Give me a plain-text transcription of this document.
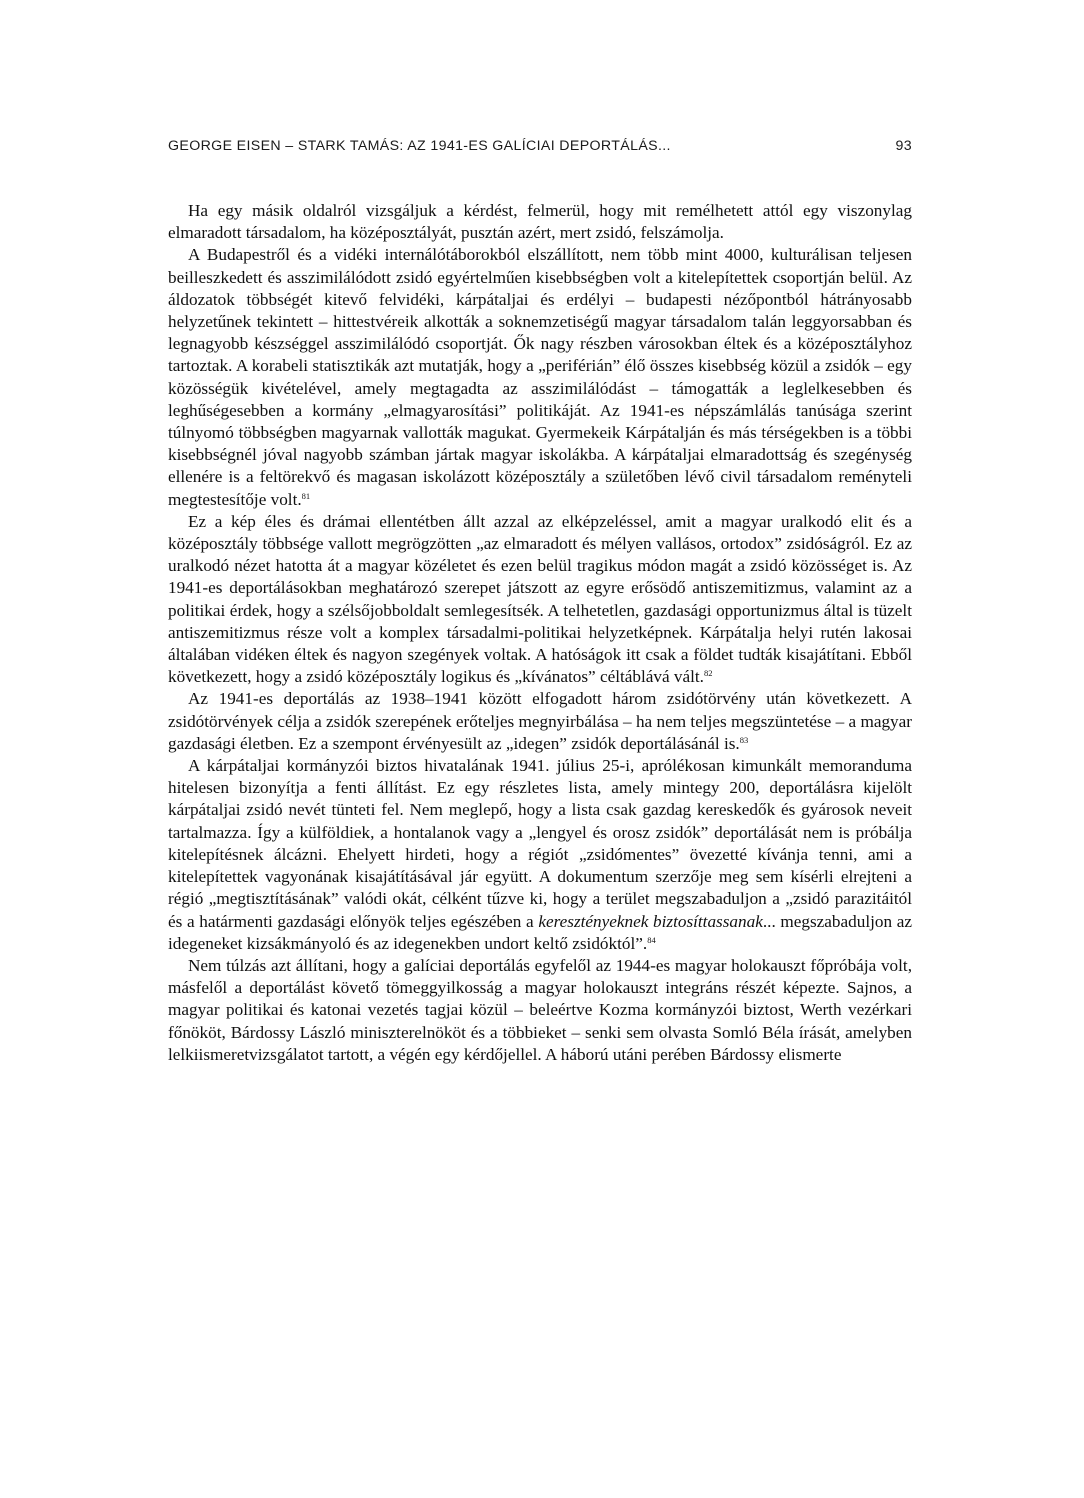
GEORGE EISEN – STARK TAMÁS: AZ 1941-ES GALÍCIAI DEPORTÁLÁS...	93

Ha egy másik oldalról vizsgáljuk a kérdést, felmerül, hogy mit remélhetett attól egy viszonylag elmaradott társadalom, ha középosztályát, pusztán azért, mert zsidó, felszámolja.

A Budapestről és a vidéki internálótáborokból elszállított, nem több mint 4000, kulturálisan teljesen beilleszkedett és asszimilálódott zsidó egyértelműen kisebbségben volt a kitelepítettek csoportján belül. Az áldozatok többségét kitevő felvidéki, kárpátaljai és erdélyi – budapesti nézőpontból hátrányosabb helyzetűnek tekintett – hittestvéreik alkották a soknemzetiségű magyar társadalom talán leggyorsabban és legnagyobb készséggel asszimilálódó csoportját. Ők nagy részben városokban éltek és a középosztályhoz tartoztak. A korabeli statisztikák azt mutatják, hogy a „periférián” élő összes kisebbség közül a zsidók – egy közösségük kivételével, amely megtagadta az asszimilálódást – támogatták a leglelkesebben és leghűségesebben a kormány „elmagyarosítási” politikáját. Az 1941-es népszámlálás tanúsága szerint túlnyomó többségben magyarnak vallották magukat. Gyermekeik Kárpátalján és más térségekben is a többi kisebbségnél jóval nagyobb számban jártak magyar iskolákba. A kárpátaljai elmaradottság és szegénység ellenére is a feltörekvő és magasan iskolázott középosztály a születőben lévő civil társadalom reményteli megtestesítője volt.$^{81}$

Ez a kép éles és drámai ellentétben állt azzal az elképzeléssel, amit a magyar uralkodó elit és a középosztály többsége vallott megrögzötten „az elmaradott és mélyen vallásos, ortodox” zsidóságról. Ez az uralkodó nézet hatotta át a magyar közéletet és ezen belül tragikus módon magát a zsidó közösséget is. Az 1941-es deportálásokban meghatározó szerepet játszott az egyre erősödő antiszemitizmus, valamint az a politikai érdek, hogy a szélsőjobboldalt semlegesítsék. A telhetetlen, gazdasági opportunizmus által is tüzelt antiszemitizmus része volt a komplex társadalmi-politikai helyzetképnek. Kárpátalja helyi rutén lakosai általában vidéken éltek és nagyon szegények voltak. A hatóságok itt csak a földet tudták kisajátítani. Ebből következett, hogy a zsidó középosztály logikus és „kívánatos” céltáblává vált.$^{82}$

Az 1941-es deportálás az 1938–1941 között elfogadott három zsidótörvény után következett. A zsidótörvények célja a zsidók szerepének erőteljes megnyirbálása – ha nem teljes megszüntetése – a magyar gazdasági életben. Ez a szempont érvényesült az „idegen” zsidók deportálásánál is.$^{83}$

A kárpátaljai kormányzói biztos hivatalának 1941. július 25-i, aprólékosan kimunkált memoranduma hitelesen bizonyítja a fenti állítást. Ez egy részletes lista, amely mintegy 200, deportálásra kijelölt kárpátaljai zsidó nevét tünteti fel. Nem meglepő, hogy a lista csak gazdag kereskedők és gyárosok neveit tartalmazza. Így a külföldiek, a hontalanok vagy a „lengyel és orosz zsidók” deportálását nem is próbálja kitelepítésnek álcázni. Ehelyett hirdeti, hogy a régiót „zsidómentes” övezetté kívánja tenni, ami a kitelepítettek vagyonának kisajátításával jár együtt. A dokumentum szerzője meg sem kísérli elrejteni a régió „megtisztításának” valódi okát, célként tűzve ki, hogy a terület megszabaduljon a „zsidó parazitáitól és a határmenti gazdasági előnyök teljes egészében a keresztényeknek biztosíttassanak... megszabaduljon az idegeneket kizsákmányoló és az idegenekben undort keltő zsidóktól”.$^{84}$

Nem túlzás azt állítani, hogy a galíciai deportálás egyfelől az 1944-es magyar holokauszt főpróbája volt, másfelől a deportálást követő tömeggyilkosság a magyar holokauszt integráns részét képezte. Sajnos, a magyar politikai és katonai vezetés tagjai közül – beleértve Kozma kormányzói biztost, Werth vezérkari főnököt, Bárdossy László miniszterelnököt és a többieket – senki sem olvasta Somló Béla írását, amelyben lelkiismeretvizsgálatot tartott, a végén egy kérdőjellel. A háború utáni perében Bárdossy elismerte
